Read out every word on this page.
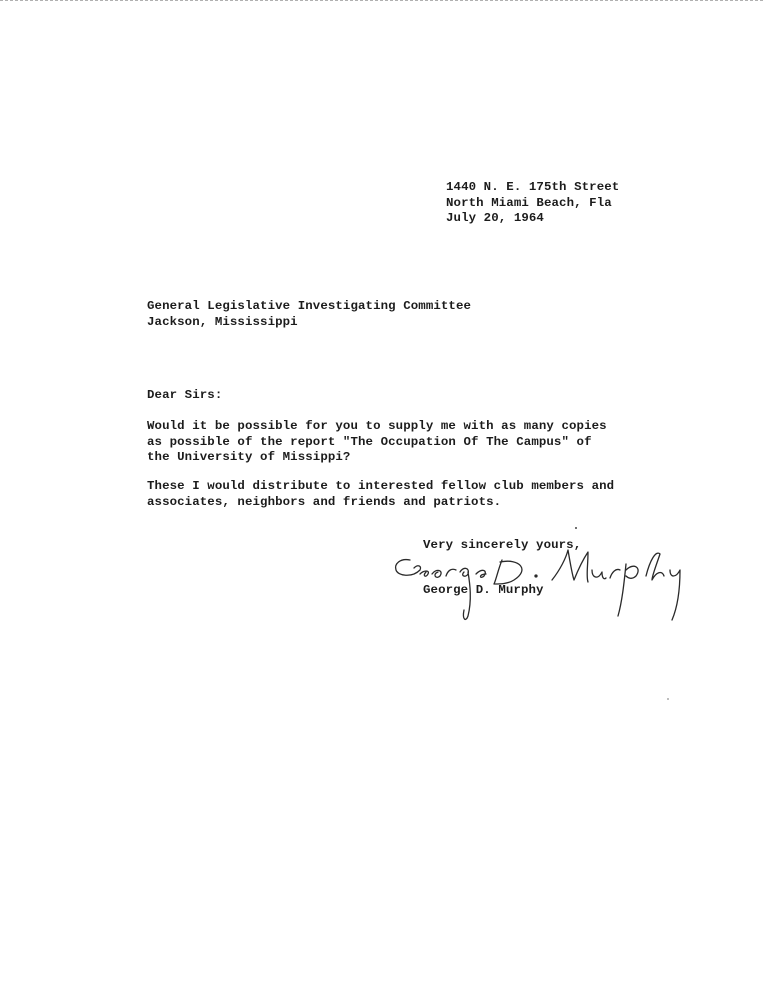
1440 N. E. 175th Street
North Miami Beach, Fla
July 20, 1964
General Legislative Investigating Committee
Jackson, Mississippi
Dear Sirs:
Would it be possible for you to supply me with as many copies
as possible of the report "The Occupation Of The Campus" of
the University of Missippi?
These I would distribute to interested fellow club members and
associates, neighbors and friends and patriots.
Very sincerely yours,
George D. Murphy
